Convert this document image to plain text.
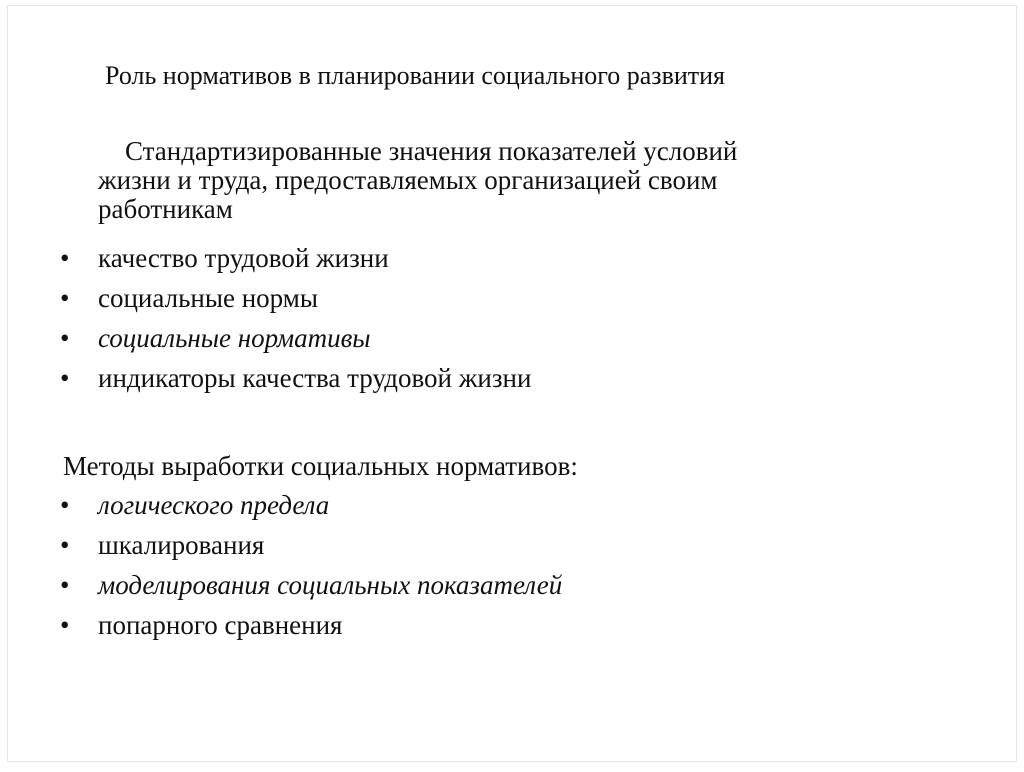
Роль нормативов в планировании социального развития
Стандартизированные значения показателей условий
жизни и труда, предоставляемых организацией своим
работникам
• качество трудовой жизни
• социальные нормы
• социальные нормативы
• индикаторы качества трудовой жизни
Методы выработки социальных нормативов:
• логического предела
• шкалирования
• моделирования социальных показателей
• попарного сравнения
